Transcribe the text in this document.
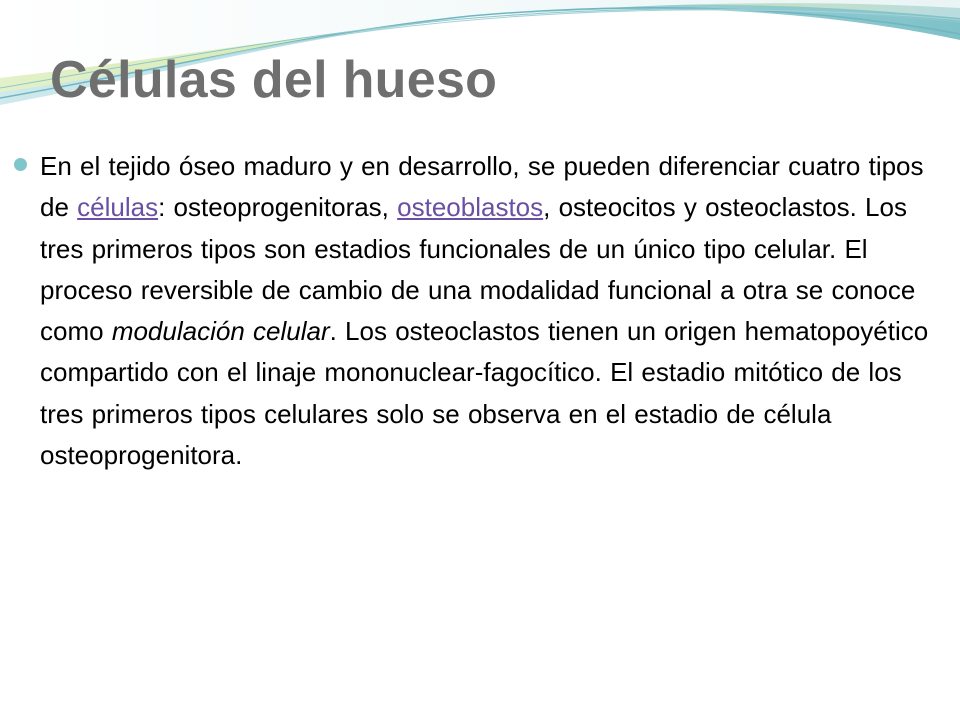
Células del hueso
En el tejido óseo maduro y en desarrollo, se pueden diferenciar cuatro tipos de células: osteoprogenitoras, osteoblastos, osteocitos y osteoclastos. Los tres primeros tipos son estadios funcionales de un único tipo celular. El proceso reversible de cambio de una modalidad funcional a otra se conoce como modulación celular. Los osteoclastos tienen un origen hematopoyético compartido con el linaje mononuclear-fagocítico. El estadio mitótico de los tres primeros tipos celulares solo se observa en el estadio de célula osteoprogenitora.
